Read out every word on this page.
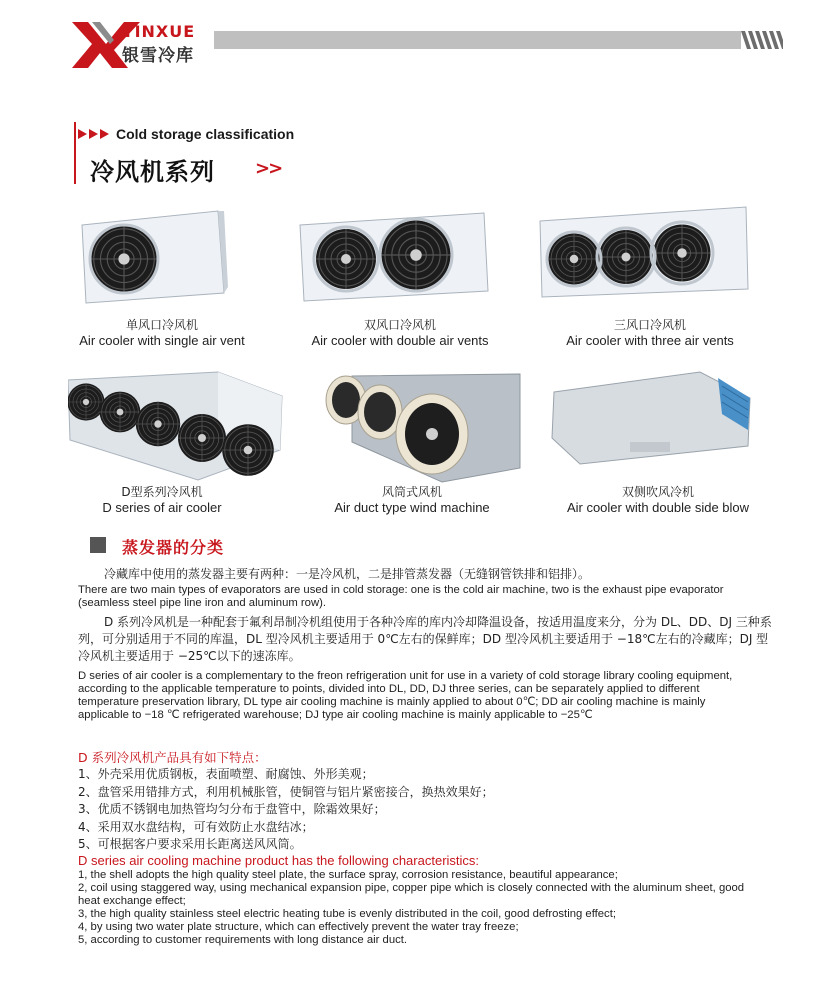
YINXUE
银雪冷库
Cold storage classification
冷风机系列 >>
单风口冷风机
Air cooler with single air vent
双风口冷风机
Air cooler with double air vents
三风口冷风机
Air cooler with three air vents
D型系列冷风机
D series of air cooler
风筒式风机
Air duct type wind machine
双侧吹风冷机
Air cooler with double side blow
蒸发器的分类
冷藏库中使用的蒸发器主要有两种：一是冷风机，二是排管蒸发器（无缝钢管铁排和铝排）。
There are two main types of evaporators are used in cold storage: one is the cold air machine, two is the exhaust pipe evaporator (seamless steel pipe line iron and aluminum row).
D 系列冷风机是一种配套于氟利昂制冷机组使用于各种冷库的库内冷却降温设备，按适用温度来分，分为 DL、DD、DJ 三种系列，可分别适用于不同的库温，DL 型冷风机主要适用于 0℃左右的保鲜库；DD 型冷风机主要适用于 −18℃左右的冷藏库；DJ 型冷风机主要适用于 −25℃以下的速冻库。
D series of air cooler is a complementary to the freon refrigeration unit for use in a variety of cold storage library cooling equipment, according to the applicable temperature to points, divided into DL, DD, DJ three series, can be separately applied to different temperature preservation library, DL type air cooling machine is mainly applied to about 0℃; DD air cooling machine is mainly applicable to −18 ℃ refrigerated warehouse; DJ type air cooling machine is mainly applicable to −25℃
D 系列冷风机产品具有如下特点：
1、外壳采用优质钢板，表面喷塑、耐腐蚀、外形美观；
2、盘管采用错排方式，利用机械胀管，使铜管与铝片紧密接合，换热效果好；
3、优质不锈钢电加热管均匀分布于盘管中，除霜效果好；
4、采用双水盘结构，可有效防止水盘结冰；
5、可根据客户要求采用长距离送风风筒。
D series air cooling machine product has the following characteristics:
1, the shell adopts the high quality steel plate, the surface spray, corrosion resistance, beautiful appearance;
2, coil using staggered way, using mechanical expansion pipe, copper pipe which is closely connected with the aluminum sheet, good heat exchange effect;
3, the high quality stainless steel electric heating tube is evenly distributed in the coil, good defrosting effect;
4, by using two water plate structure, which can effectively prevent the water tray freeze;
5, according to customer requirements with long distance air duct.
